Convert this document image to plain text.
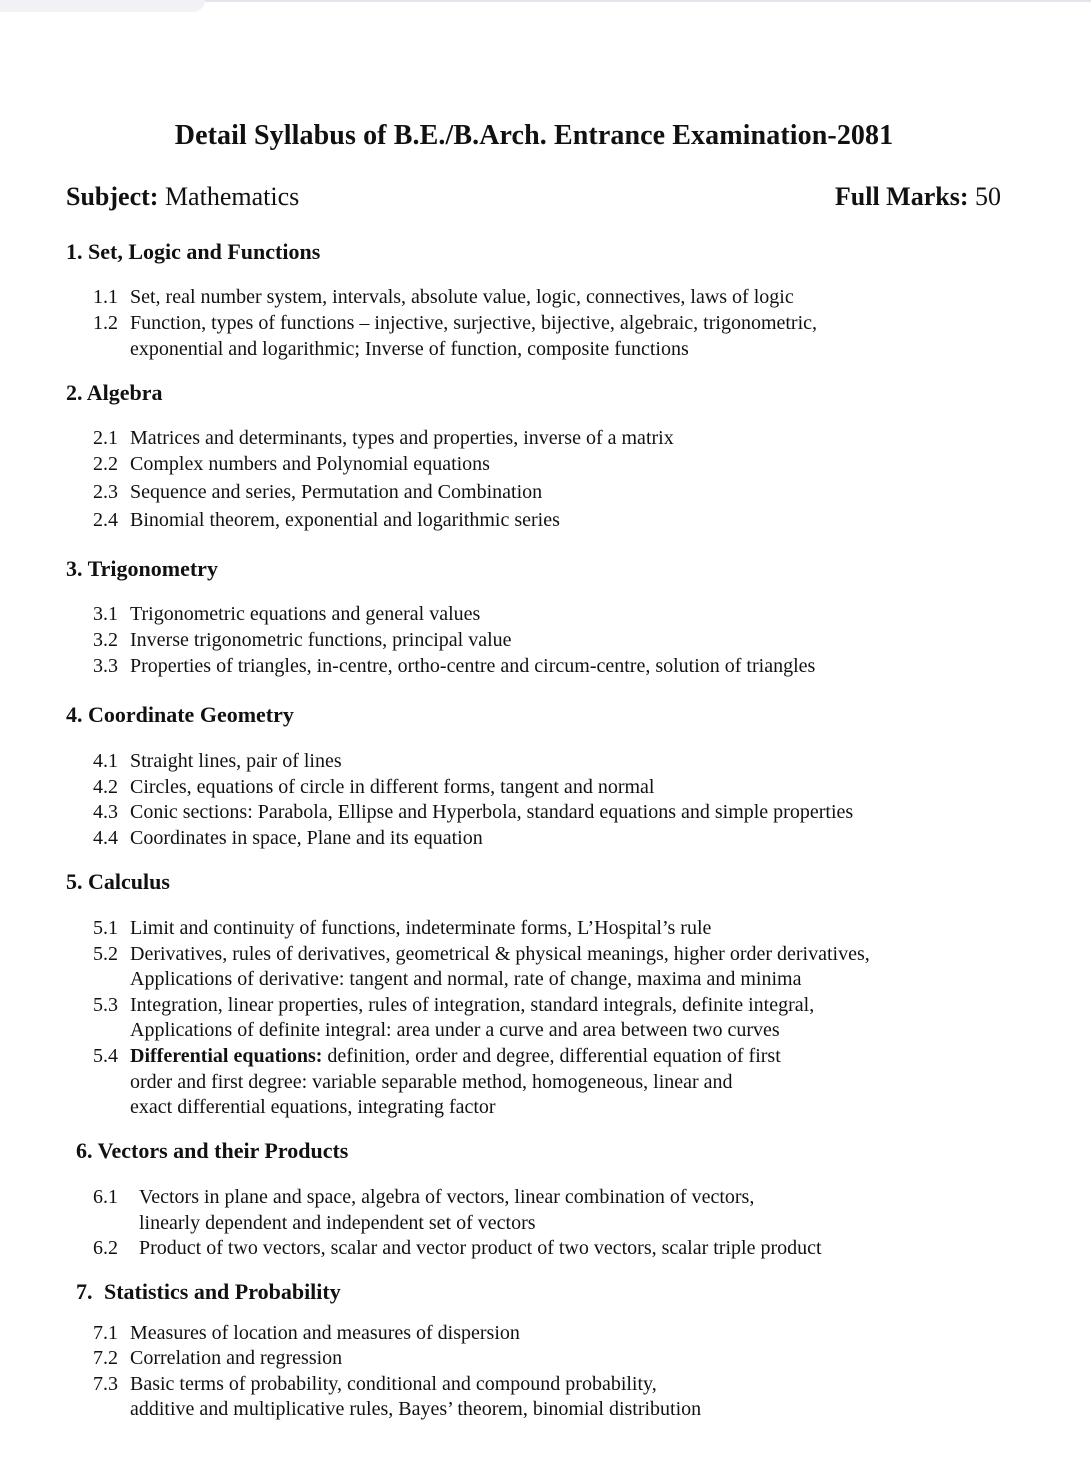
Detail Syllabus of B.E./B.Arch. Entrance Examination-2081
Subject: Mathematics	Full Marks: 50
1. Set, Logic and Functions
1.1 Set, real number system, intervals, absolute value, logic, connectives, laws of logic
1.2 Function, types of functions – injective, surjective, bijective, algebraic, trigonometric,
exponential and logarithmic; Inverse of function, composite functions
2. Algebra
2.1 Matrices and determinants, types and properties, inverse of a matrix
2.2 Complex numbers and Polynomial equations
2.3 Sequence and series, Permutation and Combination
2.4 Binomial theorem, exponential and logarithmic series
3. Trigonometry
3.1 Trigonometric equations and general values
3.2 Inverse trigonometric functions, principal value
3.3 Properties of triangles, in-centre, ortho-centre and circum-centre, solution of triangles
4. Coordinate Geometry
4.1 Straight lines, pair of lines
4.2 Circles, equations of circle in different forms, tangent and normal
4.3 Conic sections: Parabola, Ellipse and Hyperbola, standard equations and simple properties
4.4 Coordinates in space, Plane and its equation
5. Calculus
5.1 Limit and continuity of functions, indeterminate forms, L’Hospital’s rule
5.2 Derivatives, rules of derivatives, geometrical & physical meanings, higher order derivatives,
Applications of derivative: tangent and normal, rate of change, maxima and minima
5.3 Integration, linear properties, rules of integration, standard integrals, definite integral,
Applications of definite integral: area under a curve and area between two curves
5.4 Differential equations: definition, order and degree, differential equation of first
order and first degree: variable separable method, homogeneous, linear and
exact differential equations, integrating factor
6. Vectors and their Products
6.1 Vectors in plane and space, algebra of vectors, linear combination of vectors,
linearly dependent and independent set of vectors
6.2 Product of two vectors, scalar and vector product of two vectors, scalar triple product
7. Statistics and Probability
7.1 Measures of location and measures of dispersion
7.2 Correlation and regression
7.3 Basic terms of probability, conditional and compound probability,
additive and multiplicative rules, Bayes’ theorem, binomial distribution
